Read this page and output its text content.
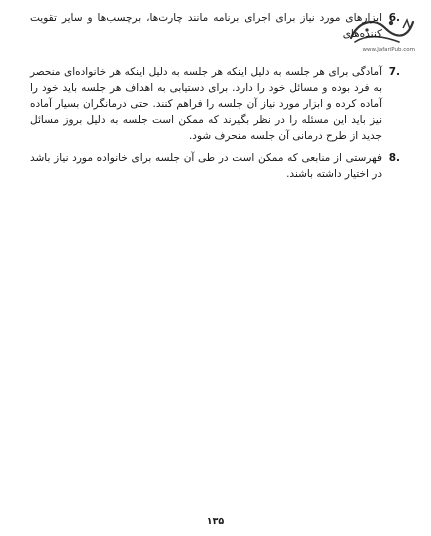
www.JafariPub.com
6.
ابزارهای مورد نیاز برای اجرای برنامه مانند چارت‌ها، برچسب‌ها و سایر تقویت کننده‌های
7.
آمادگی برای هر جلسه به دلیل اینکه هر جلسه به دلیل اینکه هر خانواده‌ای منحصر به فرد بوده و مسائل خود را دارد. برای دستیابی به اهداف هر جلسه باید خود را آماده کرده و ابزار مورد نیاز آن جلسه را فراهم کنند. حتی درمانگران بسیار آماده نیز باید این مسئله را در نظر بگیرند که ممکن است جلسه به دلیل بروز مسائل جدید از طرح درمانی آن جلسه منحرف شود.
8.
فهرستی از منابعی که ممکن است در طی آن جلسه برای خانواده مورد نیاز باشد در اختیار داشته باشند.
۱۳۵
